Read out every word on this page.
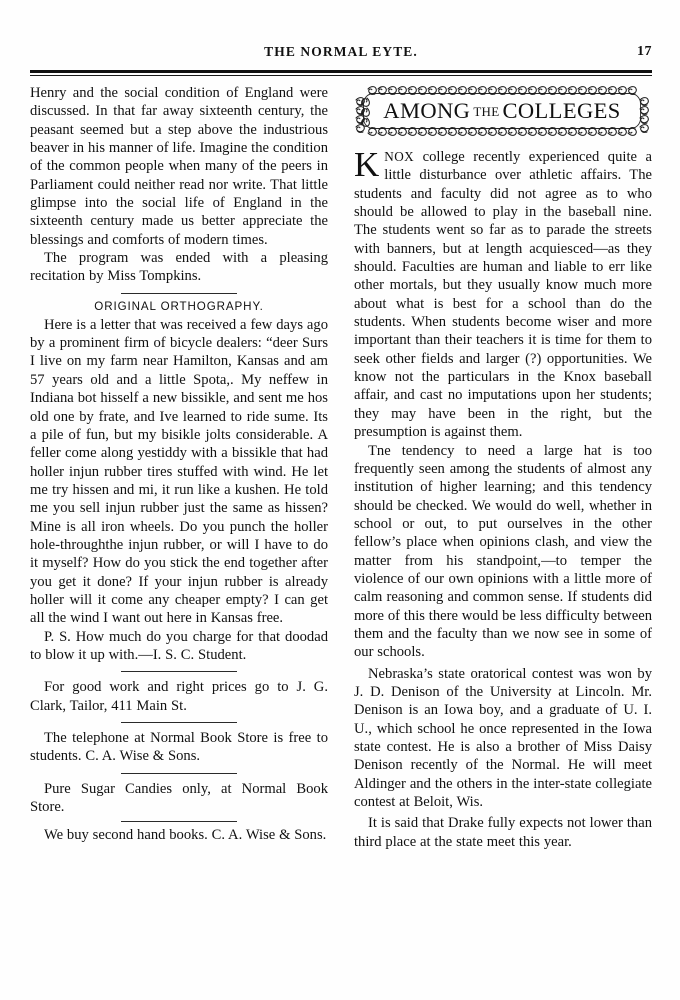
THE NORMAL EYTE.	17

Henry and the social condition of England were discussed. In that far away sixteenth century, the peasant seemed but a step above the industrious beaver in his manner of life. Imagine the condition of the common people when many of the peers in Parliament could neither read nor write. That little glimpse into the social life of England in the sixteenth century made us better appreciate the blessings and comforts of modern times.

The program was ended with a pleasing recitation by Miss Tompkins.

ORIGINAL ORTHOGRAPHY.

Here is a letter that was received a few days ago by a prominent firm of bicycle dealers: “deer Surs I live on my farm near Hamilton, Kansas and am 57 years old and a little Spota,. My neffew in Indiana bot hisself a new bissikle, and sent me hos old one by frate, and Ive learned to ride sume. Its a pile of fun, but my bisikle jolts considerable. A feller come along yestiddy with a bissikle that had holler injun rubber tires stuffed with wind. He let me try hissen and mi, it run like a kushen. He told me you sell injun rubber just the same as hissen? Mine is all iron wheels. Do you punch the holler hole-throughthe injun rubber, or will I have to do it myself? How do you stick the end together after you get it done? If your injun rubber is already holler will it come any cheaper empty? I can get all the wind I want out here in Kansas free.

P. S. How much do you charge for that doodad to blow it up with.—I. S. C. Student.

For good work and right prices go to J. G. Clark, Tailor, 411 Main St.

The telephone at Normal Book Store is free to students. C. A. Wise & Sons.

Pure Sugar Candies only, at Normal Book Store.

We buy second hand books. C. A. Wise & Sons.

AMONG THE COLLEGES

KNOX college recently experienced quite a little disturbance over athletic affairs. The students and faculty did not agree as to who should be allowed to play in the baseball nine. The students went so far as to parade the streets with banners, but at length acquiesced—as they should. Faculties are human and liable to err like other mortals, but they usually know much more about what is best for a school than do the students. When students become wiser and more important than their teachers it is time for them to seek other fields and larger (?) opportunities. We know not the particulars in the Knox baseball affair, and cast no imputations upon her students; they may have been in the right, but the presumption is against them.

Tne tendency to need a large hat is too frequently seen among the students of almost any institution of higher learning; and this tendency should be checked. We would do well, whether in school or out, to put ourselves in the other fellow’s place when opinions clash, and view the matter from his standpoint,—to temper the violence of our own opinions with a little more of calm reasoning and common sense. If students did more of this there would be less difficulty between them and the faculty than we now see in some of our schools.

Nebraska’s state oratorical contest was won by J. D. Denison of the University at Lincoln. Mr. Denison is an Iowa boy, and a graduate of U. I. U., which school he once represented in the Iowa state contest. He is also a brother of Miss Daisy Denison recently of the Normal. He will meet Aldinger and the others in the inter-state collegiate contest at Beloit, Wis.

It is said that Drake fully expects not lower than third place at the state meet this year.
